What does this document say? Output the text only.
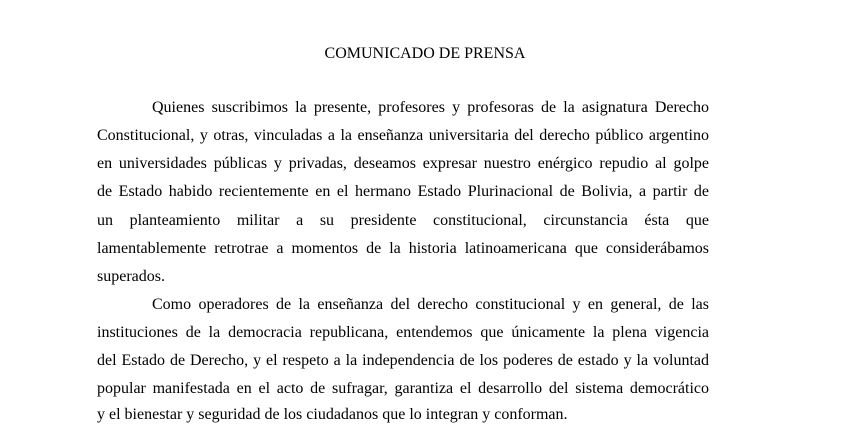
COMUNICADO DE PRENSA

Quienes suscribimos la presente, profesores y profesoras de la asignatura Derecho

Constitucional, y otras, vinculadas a la enseñanza universitaria del derecho público argentino

en universidades públicas y privadas, deseamos expresar nuestro enérgico repudio al golpe

de Estado habido recientemente en el hermano Estado Plurinacional de Bolivia, a partir de

un planteamiento militar a su presidente constitucional, circunstancia ésta que

lamentablemente retrotrae a momentos de la historia latinoamericana que considerábamos

superados.

Como operadores de la enseñanza del derecho constitucional y en general, de las

instituciones de la democracia republicana, entendemos que únicamente la plena vigencia

del Estado de Derecho, y el respeto a la independencia de los poderes de estado y la voluntad

popular manifestada en el acto de sufragar, garantiza el desarrollo del sistema democrático

y el bienestar y seguridad de los ciudadanos que lo integran y conforman.
